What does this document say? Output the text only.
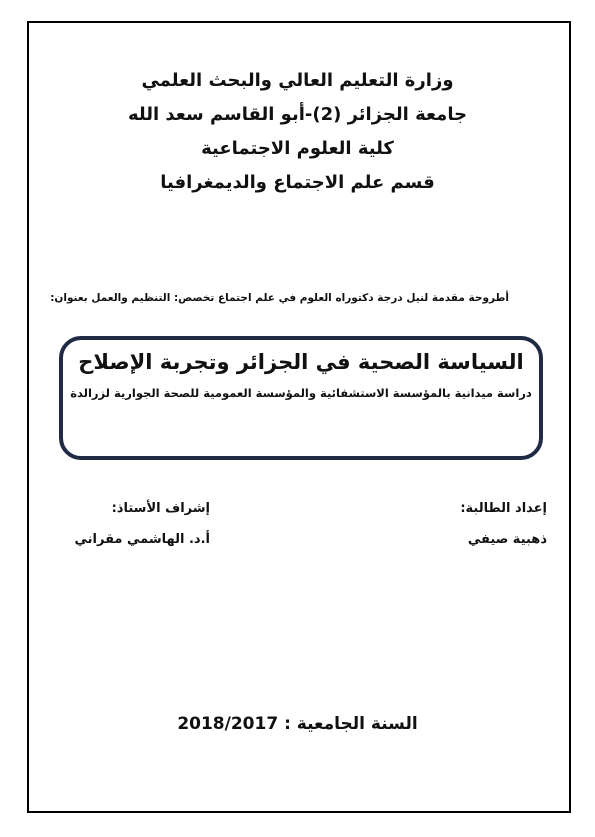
وزارة التعليم العالي والبحث العلمي
جامعة الجزائر (2)-أبو القاسم سعد الله
كلية العلوم الاجتماعية
قسم علم الاجتماع والديمغرافيا
أطروحة مقدمة لنيل درجة دكتوراه العلوم في علم اجتماع تخصص: التنظيم والعمل بعنوان:
السياسة الصحية في الجزائر وتجربة الإصلاح
دراسة ميدانية بالمؤسسة الاستشفائية والمؤسسة العمومية للصحة الجوارية لزرالدة
إعداد الطالبة:
ذهبية صيفي
إشراف الأستاذ:
أ.د. الهاشمي مقراني
السنة الجامعية : 2018/2017
